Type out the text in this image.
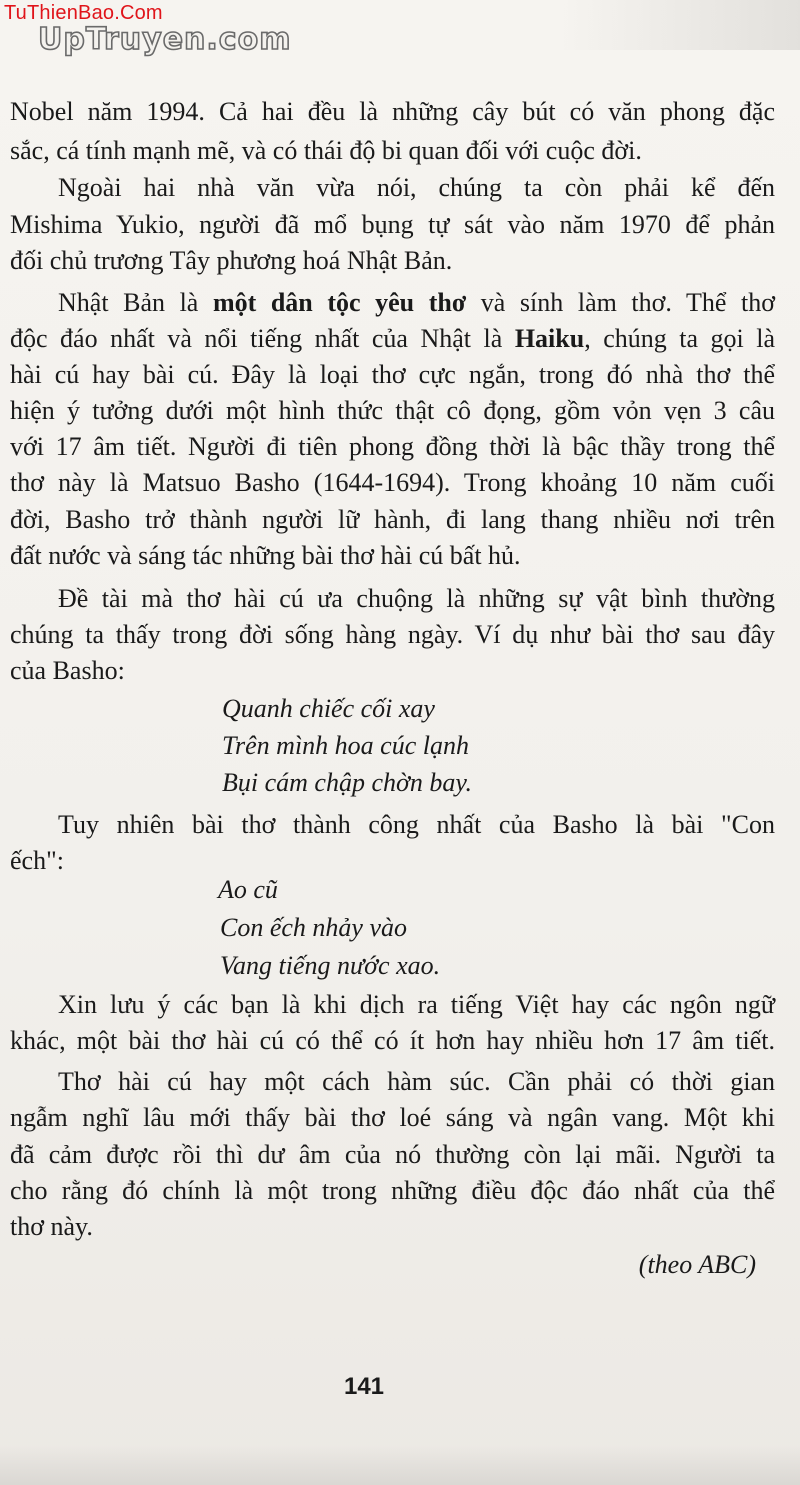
TuThienBao.Com
UpTruyen.com
Nobel năm 1994. Cả hai đều là những cây bút có văn phong đặc
sắc, cá tính mạnh mẽ, và có thái độ bi quan đối với cuộc đời.
Ngoài hai nhà văn vừa nói, chúng ta còn phải kể đến
Mishima Yukio, người đã mổ bụng tự sát vào năm 1970 để phản
đối chủ trương Tây phương hoá Nhật Bản.
Nhật Bản là một dân tộc yêu thơ và sính làm thơ. Thể thơ
độc đáo nhất và nổi tiếng nhất của Nhật là Haiku, chúng ta gọi là
hài cú hay bài cú. Đây là loại thơ cực ngắn, trong đó nhà thơ thể
hiện ý tưởng dưới một hình thức thật cô đọng, gồm vỏn vẹn 3 câu
với 17 âm tiết. Người đi tiên phong đồng thời là bậc thầy trong thể
thơ này là Matsuo Basho (1644-1694). Trong khoảng 10 năm cuối
đời, Basho trở thành người lữ hành, đi lang thang nhiều nơi trên
đất nước và sáng tác những bài thơ hài cú bất hủ.
Đề tài mà thơ hài cú ưa chuộng là những sự vật bình thường
chúng ta thấy trong đời sống hàng ngày. Ví dụ như bài thơ sau đây
của Basho:
Quanh chiếc cối xay
Trên mình hoa cúc lạnh
Bụi cám chập chờn bay.
Tuy nhiên bài thơ thành công nhất của Basho là bài "Con
ếch":
Ao cũ
Con ếch nhảy vào
Vang tiếng nước xao.
Xin lưu ý các bạn là khi dịch ra tiếng Việt hay các ngôn ngữ
khác, một bài thơ hài cú có thể có ít hơn hay nhiều hơn 17 âm tiết.
Thơ hài cú hay một cách hàm súc. Cần phải có thời gian
ngẫm nghĩ lâu mới thấy bài thơ loé sáng và ngân vang. Một khi
đã cảm được rồi thì dư âm của nó thường còn lại mãi. Người ta
cho rằng đó chính là một trong những điều độc đáo nhất của thể
thơ này.
(theo ABC)
141
